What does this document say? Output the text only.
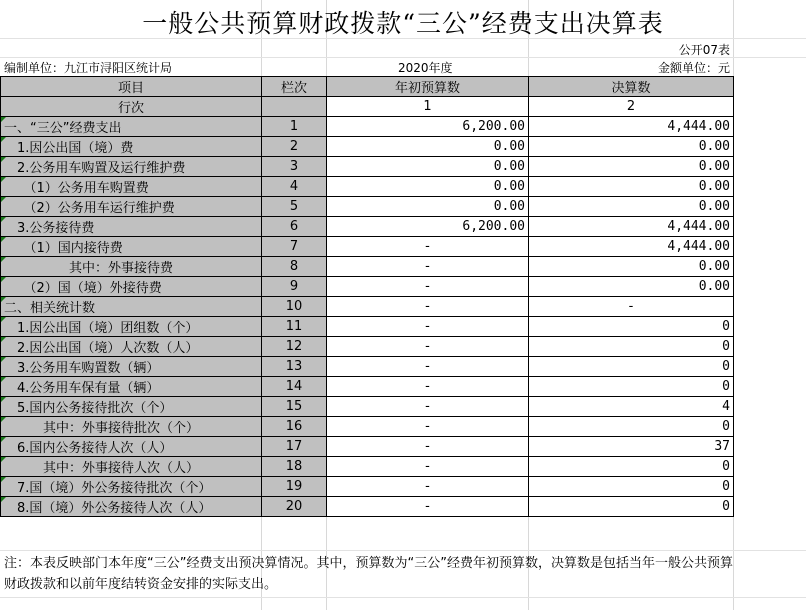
一般公共预算财政拨款“三公”经费支出决算表
公开07表
编制单位：九江市浔阳区统计局	2020年度	金额单位：元
项目	栏次	年初预算数	决算数
行次		1	2

一、“三公”经费支出	1	6,200.00	4,444.00

　1.因公出国（境）费	2	0.00	0.00

　2.公务用车购置及运行维护费	3	0.00	0.00

　　（1）公务用车购置费	4	0.00	0.00

　　（2）公务用车运行维护费	5	0.00	0.00

　3.公务接待费	6	6,200.00	4,444.00

　　（1）国内接待费	7	-	4,444.00

　　　　　其中：外事接待费	8	-	0.00

　　（2）国（境）外接待费	9	-	0.00

二、相关统计数	10	-	-

　1.因公出国（境）团组数（个）	11	-	0

　2.因公出国（境）人次数（人）	12	-	0

　3.公务用车购置数（辆）	13	-	0

　4.公务用车保有量（辆）	14	-	0

　5.国内公务接待批次（个）	15	-	4

　　　其中：外事接待批次（个）	16	-	0

　6.国内公务接待人次（人）	17	-	37

　　　其中：外事接待人次（人）	18	-	0

　7.国（境）外公务接待批次（个）	19	-	0

　8.国（境）外公务接待人次（人）	20	-	0
注：本表反映部门本年度“三公”经费支出预决算情况。其中，预算数为“三公”经费年初预算数，决算数是包括当年一般公共预算财政拨款和以前年度结转资金安排的实际支出。
